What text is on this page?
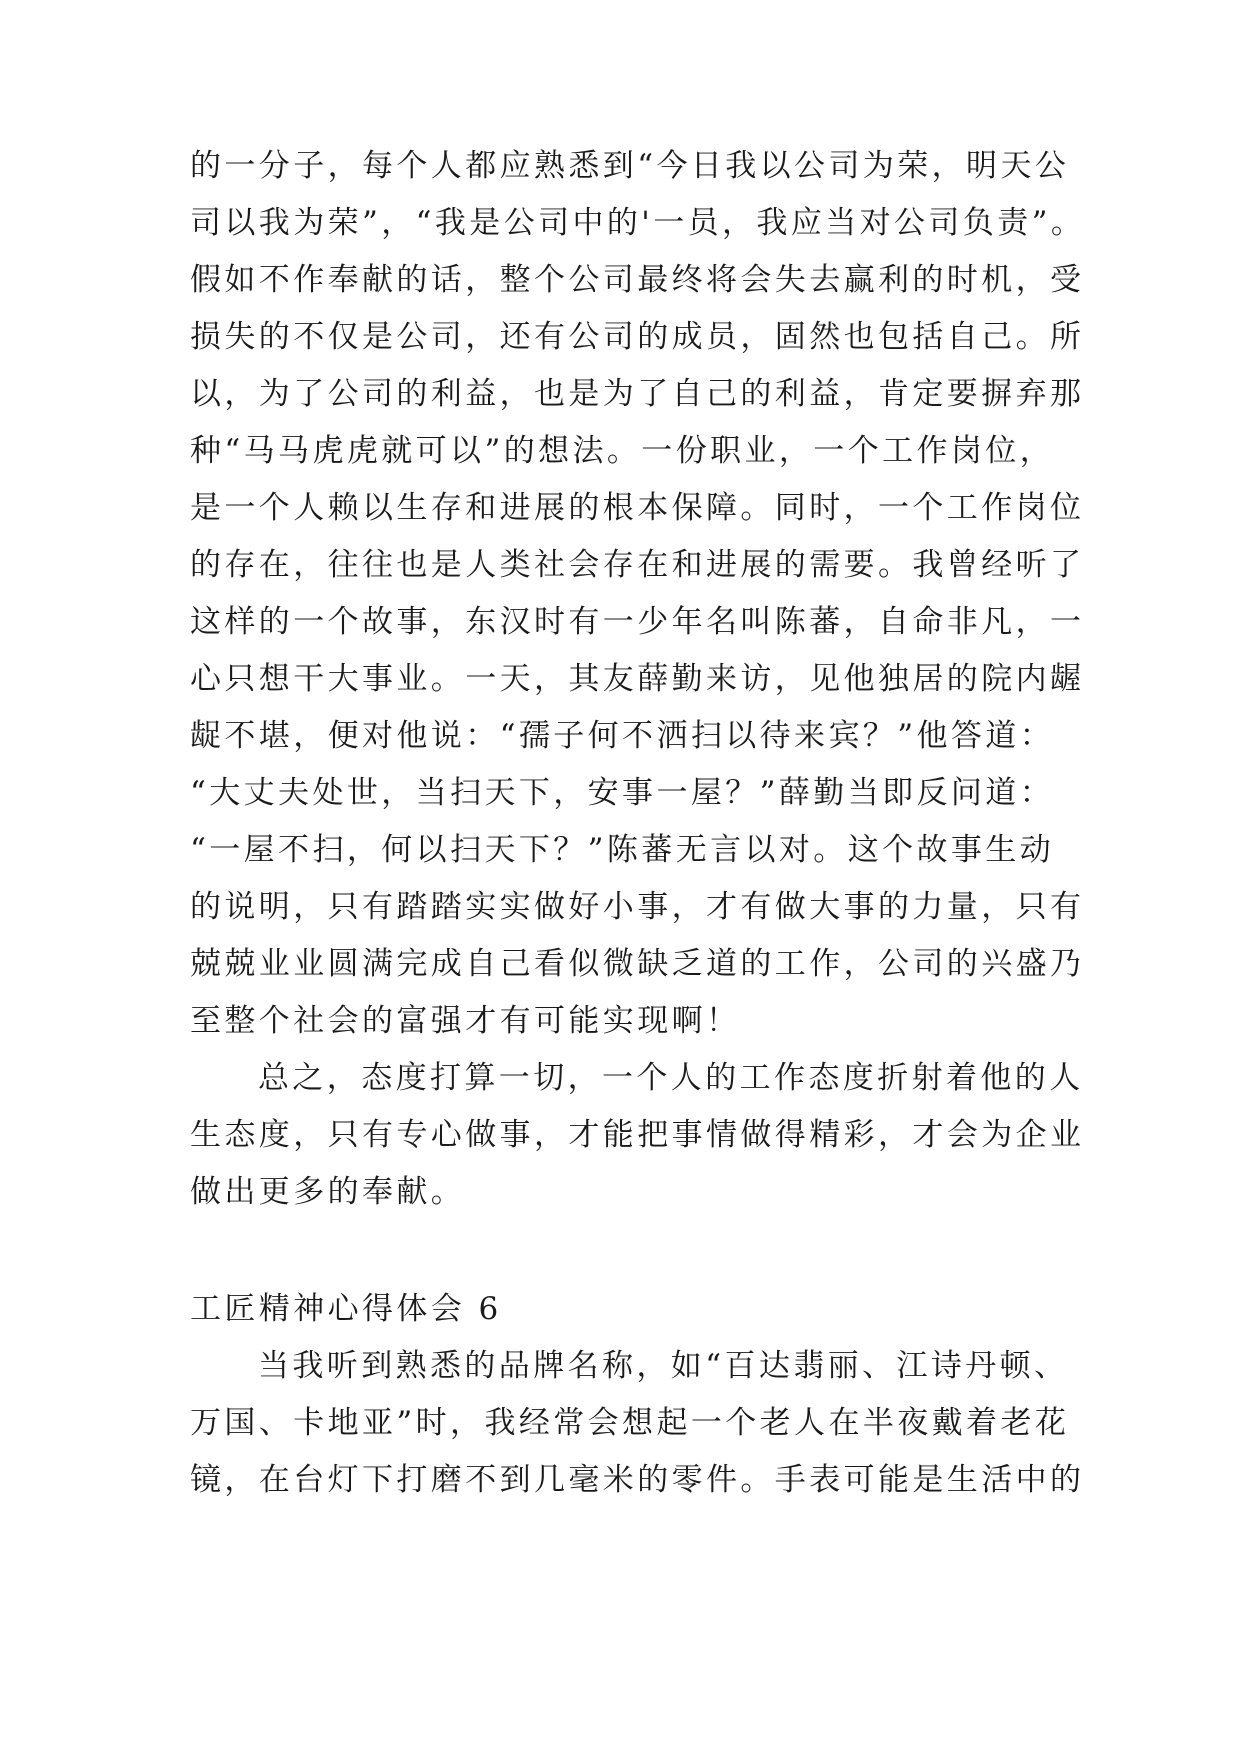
的一分子，每个人都应熟悉到“今日我以公司为荣，明天公
司以我为荣”，“我是公司中的'一员，我应当对公司负责”。
假如不作奉献的话，整个公司最终将会失去赢利的时机，受
损失的不仅是公司，还有公司的成员，固然也包括自己。所
以，为了公司的利益，也是为了自己的利益，肯定要摒弃那
种“马马虎虎就可以”的想法。一份职业，一个工作岗位，
是一个人赖以生存和进展的根本保障。同时，一个工作岗位
的存在，往往也是人类社会存在和进展的需要。我曾经听了
这样的一个故事，东汉时有一少年名叫陈蕃，自命非凡，一
心只想干大事业。一天，其友薛勤来访，见他独居的院内龌
龊不堪，便对他说：“孺子何不洒扫以待来宾？”他答道：
“大丈夫处世，当扫天下，安事一屋？”薛勤当即反问道：
“一屋不扫，何以扫天下？”陈蕃无言以对。这个故事生动
的说明，只有踏踏实实做好小事，才有做大事的力量，只有
兢兢业业圆满完成自己看似微缺乏道的工作，公司的兴盛乃
至整个社会的富强才有可能实现啊！
总之，态度打算一切，一个人的工作态度折射着他的人
生态度，只有专心做事，才能把事情做得精彩，才会为企业
做出更多的奉献。
工匠精神心得体会 6
当我听到熟悉的品牌名称，如“百达翡丽、江诗丹顿、
万国、卡地亚”时，我经常会想起一个老人在半夜戴着老花
镜，在台灯下打磨不到几毫米的零件。手表可能是生活中的
